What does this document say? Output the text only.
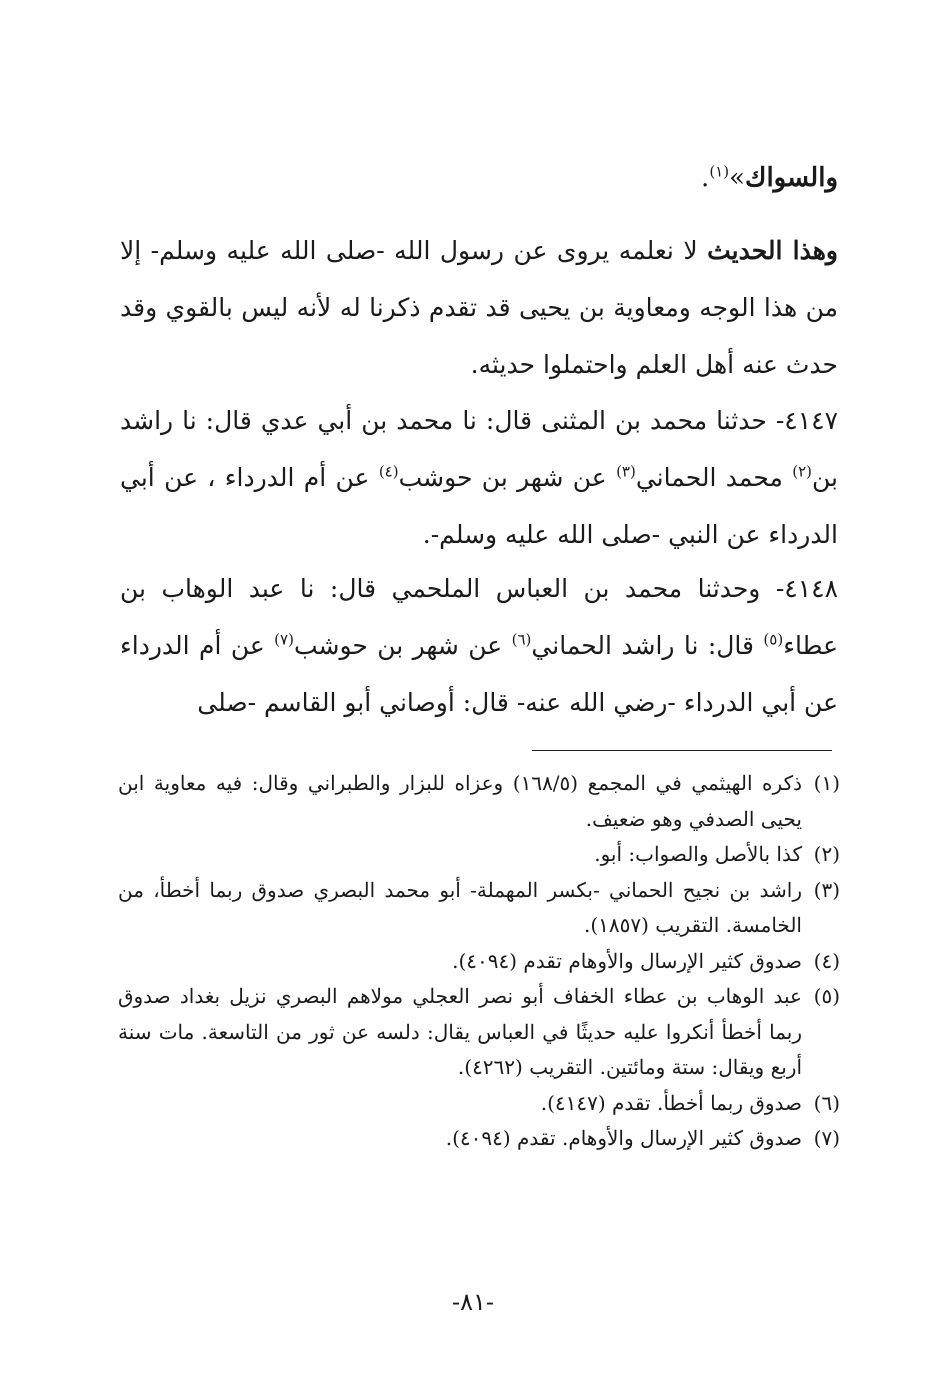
والسواك»$^{(١)}$.
وهذا الحديث لا نعلمه يروى عن رسول الله -صلى الله عليه وسلم- إلا من هذا الوجه ومعاوية بن يحيى قد تقدم ذكرنا له لأنه ليس بالقوي وقد حدث عنه أهل العلم واحتملوا حديثه.
٤١٤٧- حدثنا محمد بن المثنى قال: نا محمد بن أبي عدي قال: نا راشد بن$^{(٢)}$ محمد الحماني$^{(٣)}$ عن شهر بن حوشب$^{(٤)}$ عن أم الدرداء ، عن أبي الدرداء عن النبي -صلى الله عليه وسلم-.
٤١٤٨- وحدثنا محمد بن العباس الملحمي قال: نا عبد الوهاب بن عطاء$^{(٥)}$ قال: نا راشد الحماني$^{(٦)}$ عن شهر بن حوشب$^{(٧)}$ عن أم الدرداء عن أبي الدرداء -رضي الله عنه- قال: أوصاني أبو القاسم -صلى
(١)
ذكره الهيثمي في المجمع (١٦٨/٥) وعزاه للبزار والطبراني وقال: فيه معاوية ابن يحيى الصدفي وهو ضعيف.
(٢)
كذا بالأصل والصواب: أبو.
(٣)
راشد بن نجيح الحماني -بكسر المهملة- أبو محمد البصري صدوق ربما أخطأ، من الخامسة. التقريب (١٨٥٧).
(٤)
صدوق كثير الإرسال والأوهام تقدم (٤٠٩٤).
(٥)
عبد الوهاب بن عطاء الخفاف أبو نصر العجلي مولاهم البصري نزيل بغداد صدوق ربما أخطأ أنكروا عليه حديثًا في العباس يقال: دلسه عن ثور من التاسعة. مات سنة أربع ويقال: ستة ومائتين. التقريب (٤٢٦٢).
(٦)
صدوق ربما أخطأ. تقدم (٤١٤٧).
(٧)
صدوق كثير الإرسال والأوهام. تقدم (٤٠٩٤).
-٨١-
